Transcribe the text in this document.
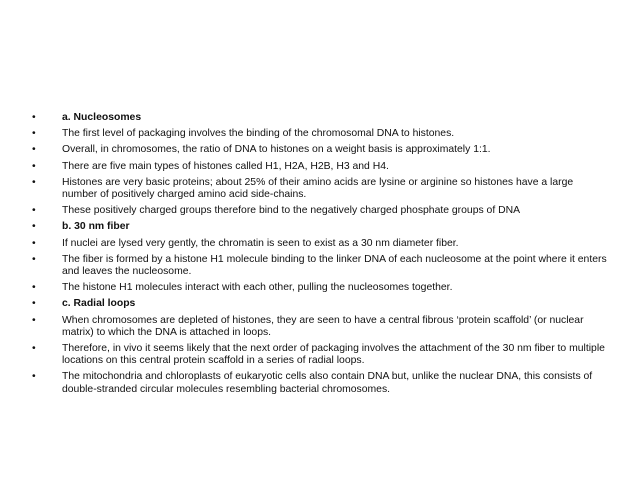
•	a. Nucleosomes
•	The first level of packaging involves the binding of the chromosomal DNA to histones.
•	Overall, in chromosomes, the ratio of DNA to histones on a weight basis is approximately 1:1.
•	There are five main types of histones called H1, H2A, H2B, H3 and H4.
•	Histones are very basic proteins; about 25% of their amino acids are lysine or arginine so histones have a large number of positively charged amino acid side-chains.
•	These positively charged groups therefore bind to the negatively charged phosphate groups of DNA
•	b. 30 nm fiber
•	If nuclei are lysed very gently, the chromatin is seen to exist as a 30 nm diameter fiber.
•	The fiber is formed by a histone H1 molecule binding to the linker DNA of each nucleosome at the point where it enters and leaves the nucleosome.
•	The histone H1 molecules interact with each other, pulling the nucleosomes together.
•	c. Radial loops
•	When chromosomes are depleted of histones, they are seen to have a central fibrous ‘protein scaffold’ (or nuclear matrix) to which the DNA is attached in loops.
•	Therefore, in vivo it seems likely that the next order of packaging involves the attachment of the 30 nm fiber to multiple locations on this central protein scaffold in a series of radial loops.
•	The mitochondria and chloroplasts of eukaryotic cells also contain DNA but, unlike the nuclear DNA, this consists of double-stranded circular molecules resembling bacterial chromosomes.
